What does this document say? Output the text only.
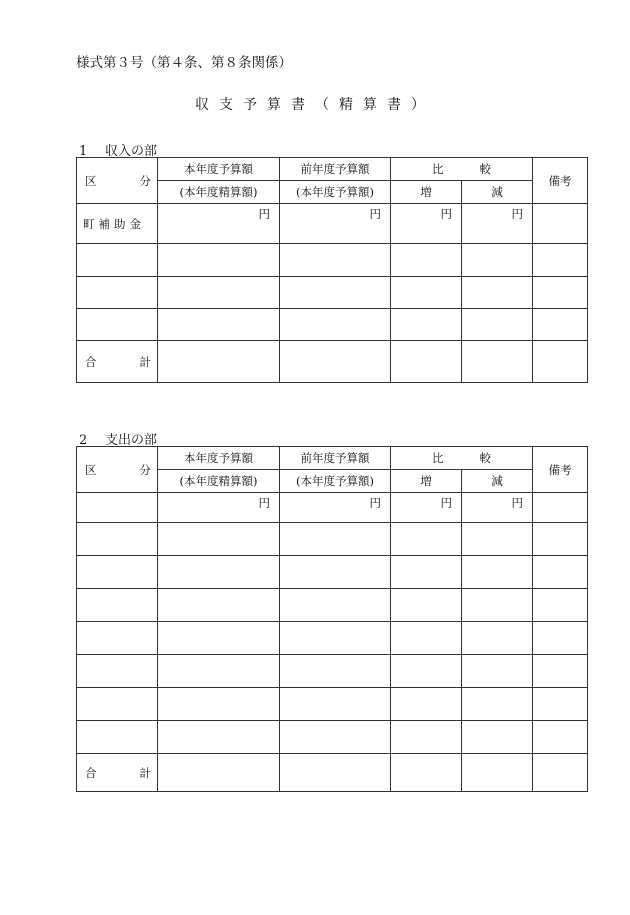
様式第３号（第４条、第８条関係）
収支予算書（精算書）
1 収入の部
区 分	本年度予算額	前年度予算額	比 較		備考
	(本年度精算額)	(本年度予算額)	増	減	
町補助金	円	円	円	円	

合 計					

2 支出の部
区 分	本年度予算額	前年度予算額	比 較		備考
	(本年度精算額)	(本年度予算額)	増	減	
	円	円	円	円	

合 計					
